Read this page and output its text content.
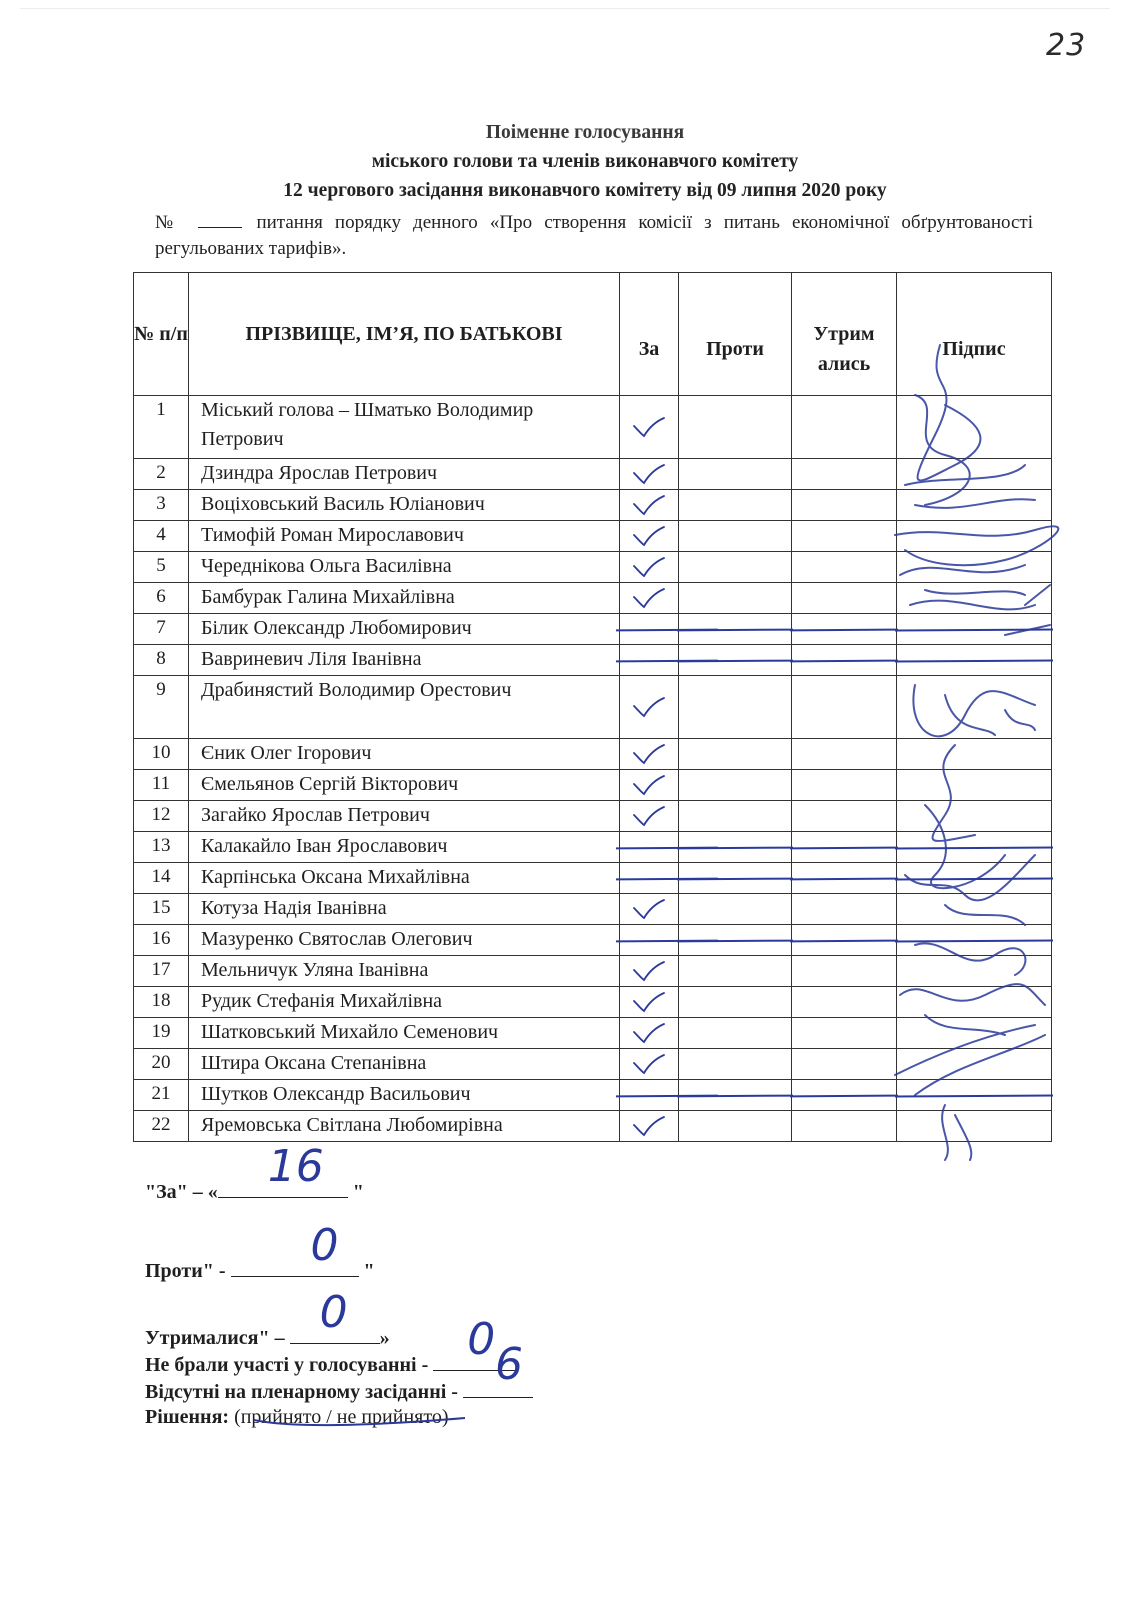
23
Поіменне голосування
міського голови та членів виконавчого комітету
12 чергового засідання виконавчого комітету від 09 липня 2020 року
№	питання порядку денного «Про створення комісії з питань економічної обґрунтованості регульованих тарифів».
№ п/п	ПРІЗВИЩЕ, ІМ’Я, ПО БАТЬКОВІ	За	Проти	Утрим ались	Підпис
1	Міський голова – Шматько Володимир Петрович	

2	Дзиндра Ярослав Петрович	

3	Воціховський Василь Юліанович	

4	Тимофій Роман Мирославович	

5	Череднікова Ольга Василівна	

6	Бамбурак Галина Михайлівна	

7	Білик Олександр Любомирович	

8	Вавриневич Ліля Іванівна	

9	Драбинястий Володимир Орестович	

10	Єник Олег Ігорович	

11	Ємельянов Сергій Вікторович	

12	Загайко Ярослав Петрович	

13	Калакайло Іван Ярославович	

14	Карпінська Оксана Михайлівна	

15	Котуза Надія Іванівна	

16	Мазуренко Святослав Олегович	

17	Мельничук Уляна Іванівна	

18	Рудик Стефанія Михайлівна	

19	Шатковський Михайло Семенович	

20	Штира Оксана Степанівна	

21	Шутков Олександр Васильович	

22	Яремовська Світлана Любомирівна	

"За" – « 16 "
Проти" - 0 "
Утрималися" – 0 »
Не брали участі у голосуванні - 0
Відсутні на пленарному засіданні -
6
Рішення: (прийнято / не прийнято)
